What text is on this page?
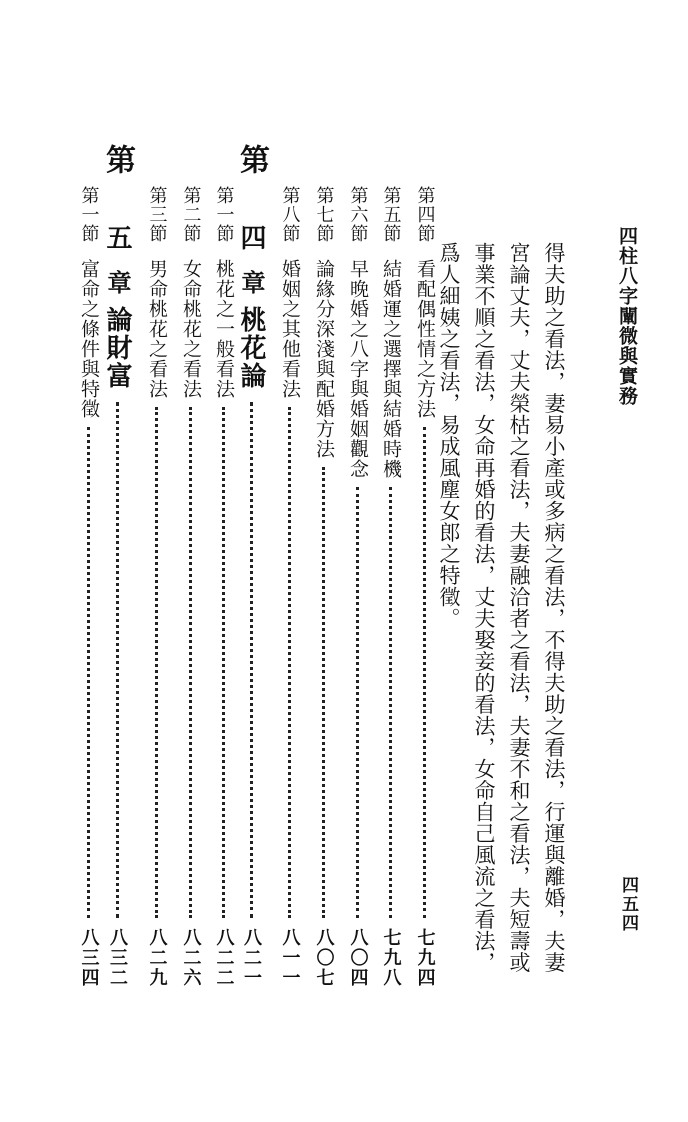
四柱八字闡微與實務
四五四
得夫助之看法，妻易小產或多病之看法，不得夫助之看法，行運與離婚，夫妻
宮論丈夫，丈夫榮枯之看法，夫妻融洽者之看法，夫妻不和之看法，夫短壽或
事業不順之看法，女命再婚的看法，丈夫娶妾的看法，女命自己風流之看法，
爲人細姨之看法，易成風塵女郎之特徵。
第四節
看配偶性情之方法
七九四
第五節
結婚運之選擇與結婚時機
七九八
第六節
早晚婚之八字與婚姻觀念
八〇四
第七節
論緣分深淺與配婚方法
八〇七
第八節
婚姻之其他看法
八一一
第
四
章
桃花論
八二一
第一節
桃花之一般看法
八二二
第二節
女命桃花之看法
八二六
第三節
男命桃花之看法
八二九
第
五
章
論財富
八三二
第一節
富命之條件與特徵
八三四
